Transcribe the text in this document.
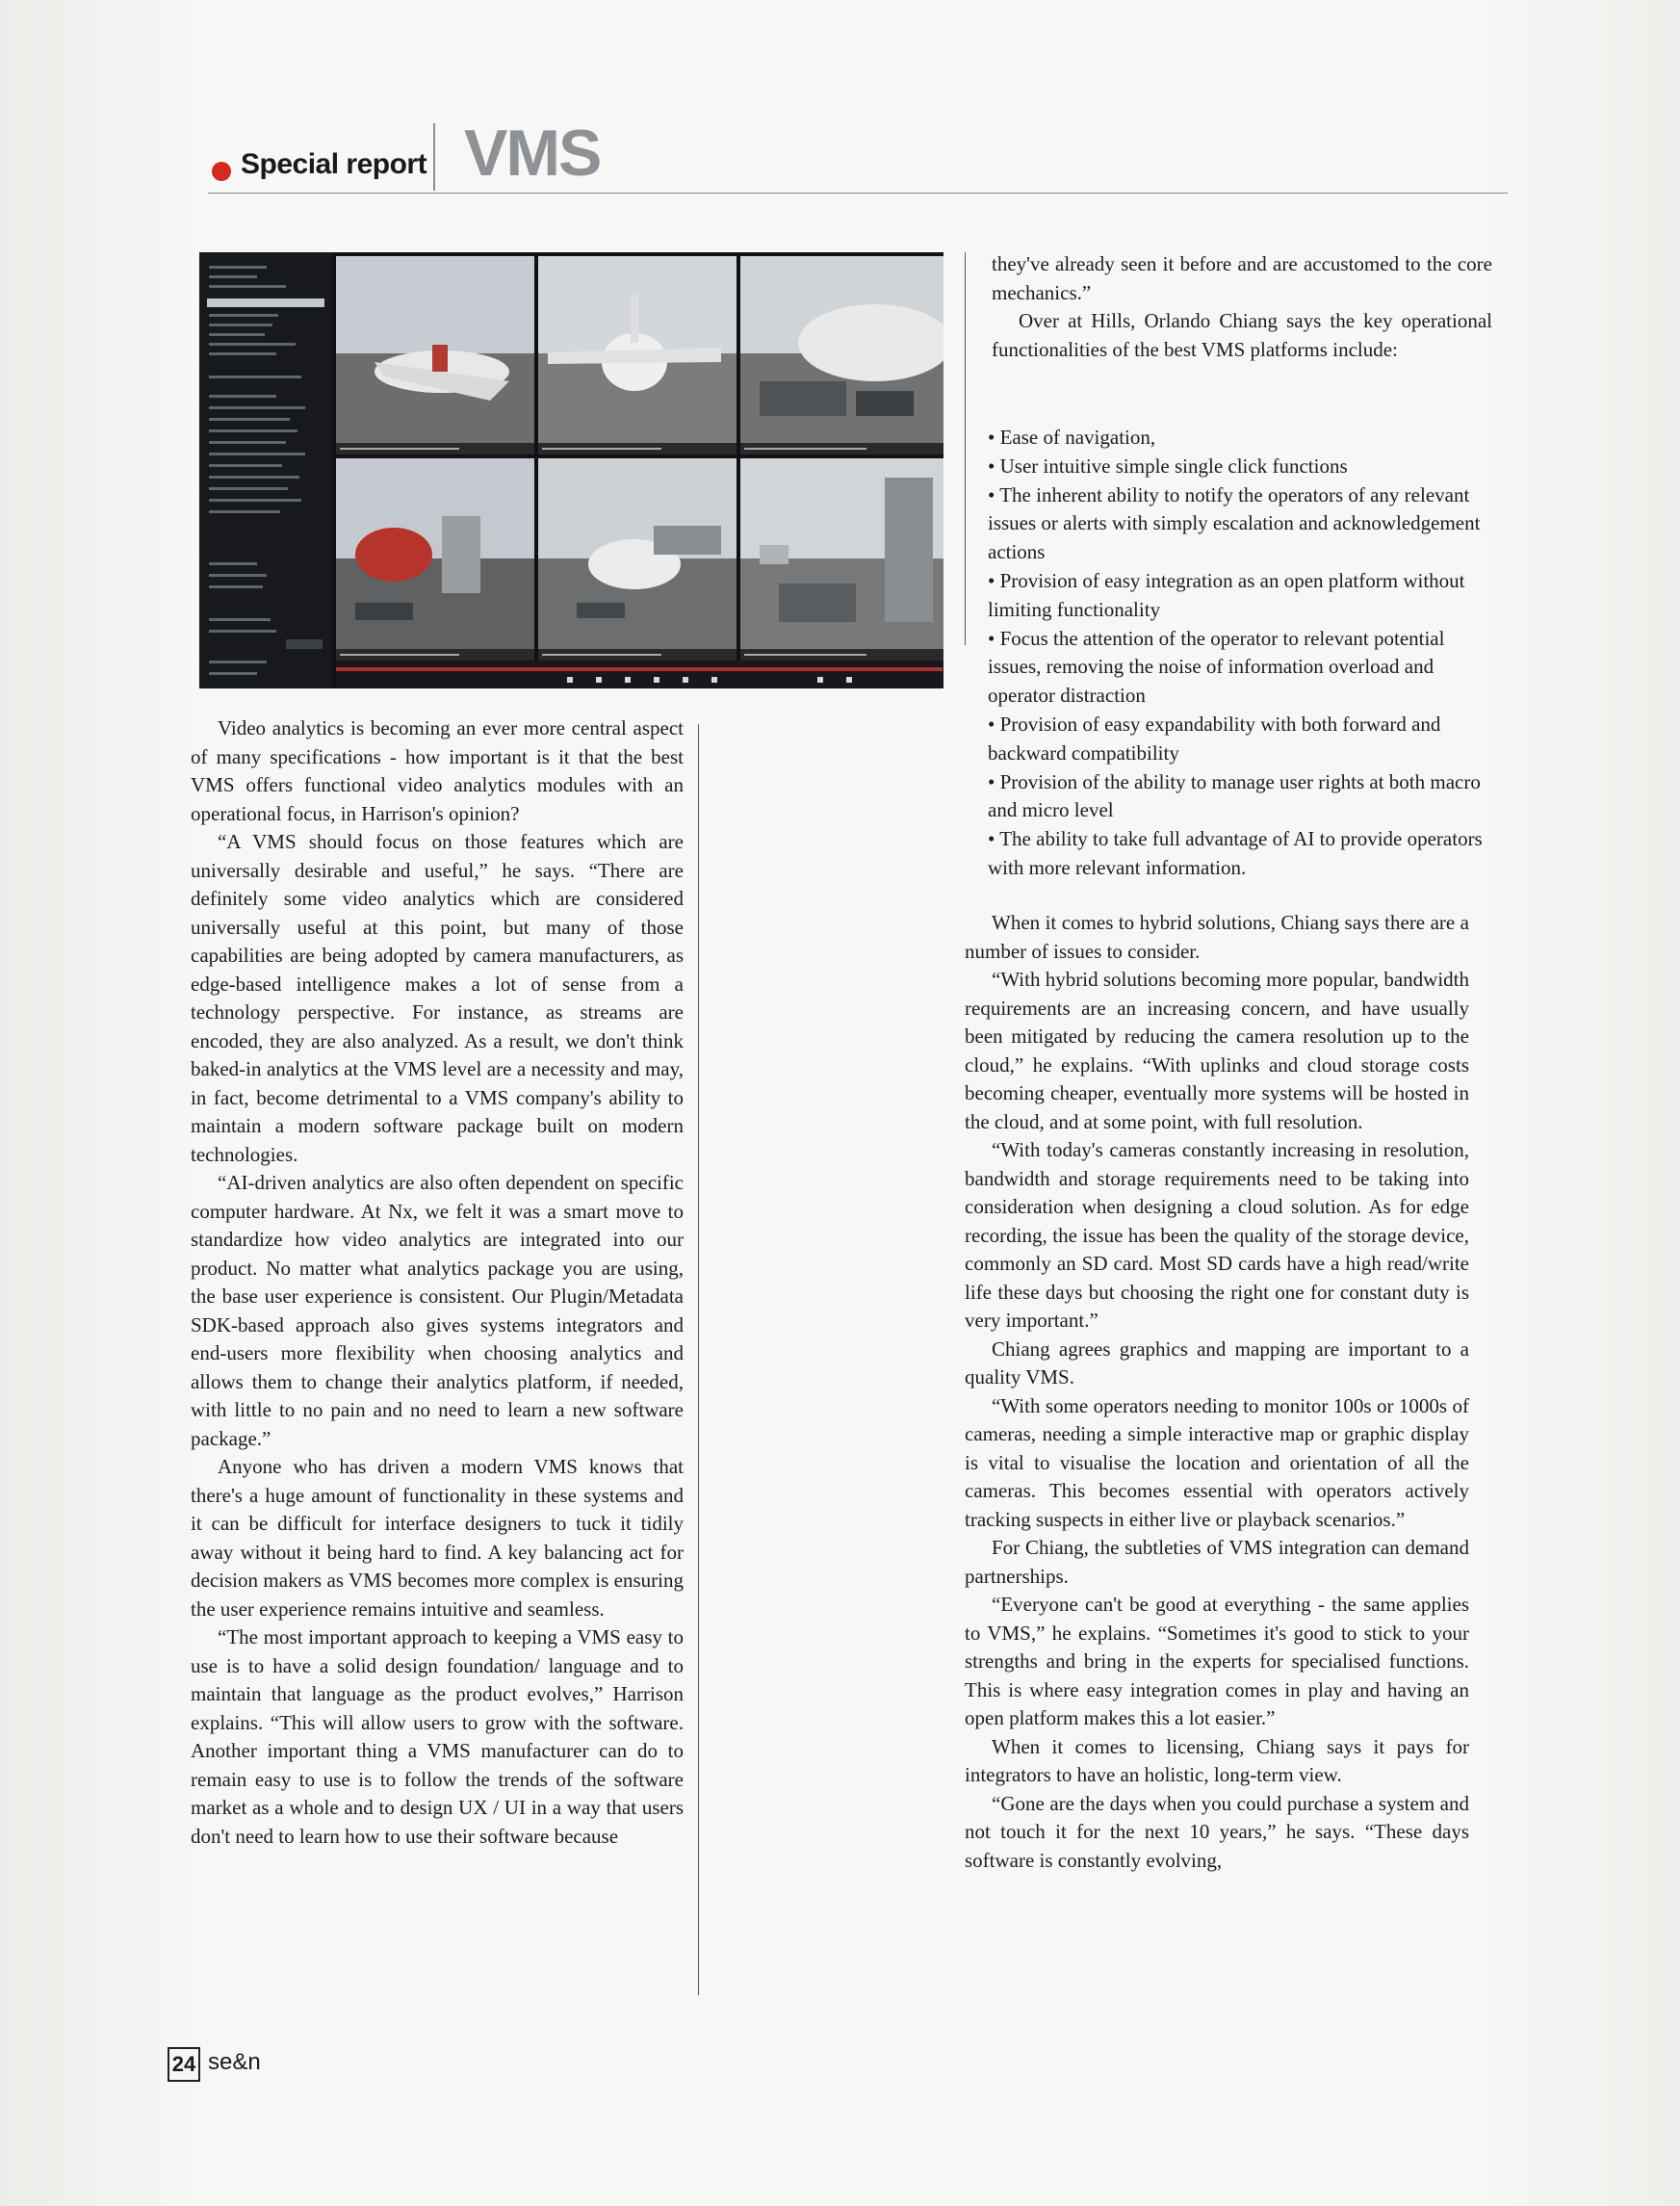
Special report VMS

Video analytics is becoming an ever more central aspect of many specifications - how important is it that the best VMS offers functional video analytics modules with an operational focus, in Harrison's opinion?

“A VMS should focus on those features which are universally desirable and useful,” he says. “There are definitely some video analytics which are considered universally useful at this point, but many of those capabilities are being adopted by camera manufacturers, as edge-based intelligence makes a lot of sense from a technology perspective. For instance, as streams are encoded, they are also analyzed. As a result, we don't think baked-in analytics at the VMS level are a necessity and may, in fact, become detrimental to a VMS company's ability to maintain a modern software package built on modern technologies.

“AI-driven analytics are also often dependent on specific computer hardware. At Nx, we felt it was a smart move to standardize how video analytics are integrated into our product. No matter what analytics package you are using, the base user experience is consistent. Our Plugin/Metadata SDK-based approach also gives systems integrators and end-users more flexibility when choosing analytics and allows them to change their analytics platform, if needed, with little to no pain and no need to learn a new software package.”

Anyone who has driven a modern VMS knows that there's a huge amount of functionality in these systems and it can be difficult for interface designers to tuck it tidily away without it being hard to find. A key balancing act for decision makers as VMS becomes more complex is ensuring the user experience remains intuitive and seamless.

“The most important approach to keeping a VMS easy to use is to have a solid design foundation/ language and to maintain that language as the product evolves,” Harrison explains. “This will allow users to grow with the software. Another important thing a VMS manufacturer can do to remain easy to use is to follow the trends of the software market as a whole and to design UX / UI in a way that users don't need to learn how to use their software because

they've already seen it before and are accustomed to the core mechanics.”

Over at Hills, Orlando Chiang says the key operational functionalities of the best VMS platforms include:

• Ease of navigation,
• User intuitive simple single click functions
• The inherent ability to notify the operators of any relevant issues or alerts with simply escalation and acknowledgement actions
• Provision of easy integration as an open platform without limiting functionality
• Focus the attention of the operator to relevant potential issues, removing the noise of information overload and operator distraction
• Provision of easy expandability with both forward and backward compatibility
• Provision of the ability to manage user rights at both macro and micro level
• The ability to take full advantage of AI to provide operators with more relevant information.

When it comes to hybrid solutions, Chiang says there are a number of issues to consider.

“With hybrid solutions becoming more popular, bandwidth requirements are an increasing concern, and have usually been mitigated by reducing the camera resolution up to the cloud,” he explains. “With uplinks and cloud storage costs becoming cheaper, eventually more systems will be hosted in the cloud, and at some point, with full resolution.

“With today's cameras constantly increasing in resolution, bandwidth and storage requirements need to be taking into consideration when designing a cloud solution. As for edge recording, the issue has been the quality of the storage device, commonly an SD card. Most SD cards have a high read/write life these days but choosing the right one for constant duty is very important.”

Chiang agrees graphics and mapping are important to a quality VMS.

“With some operators needing to monitor 100s or 1000s of cameras, needing a simple interactive map or graphic display is vital to visualise the location and orientation of all the cameras. This becomes essential with operators actively tracking suspects in either live or playback scenarios.”

For Chiang, the subtleties of VMS integration can demand partnerships.

“Everyone can't be good at everything - the same applies to VMS,” he explains. “Sometimes it's good to stick to your strengths and bring in the experts for specialised functions. This is where easy integration comes in play and having an open platform makes this a lot easier.”

When it comes to licensing, Chiang says it pays for integrators to have an holistic, long-term view.

“Gone are the days when you could purchase a system and not touch it for the next 10 years,” he says. “These days software is constantly evolving,

24 se&n
